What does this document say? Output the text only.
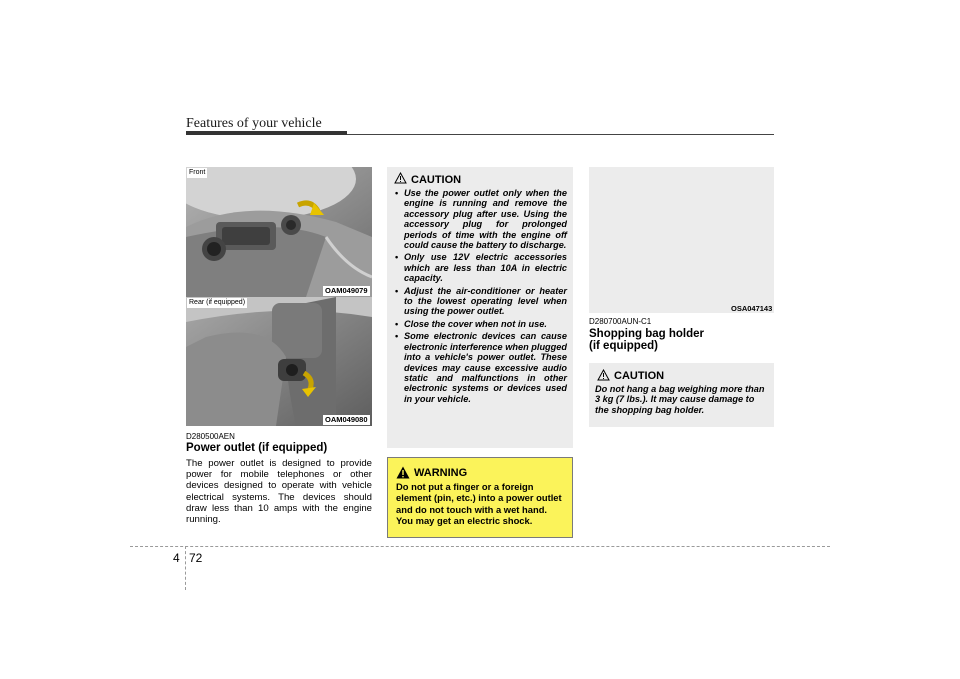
Features of your vehicle
Front
OAM049079
Rear (if equipped)
OAM049080
D280500AEN
Power outlet (if equipped)
The power outlet is designed to provide power for mobile telephones or other devices designed to operate with vehicle electrical systems. The devices should draw less than 10 amps with the engine running.
CAUTION
• Use the power outlet only when the engine is running and remove the accessory plug after use. Using the accessory plug for prolonged periods of time with the engine off could cause the battery to discharge.
• Only use 12V electric accessories which are less than 10A in electric capacity.
• Adjust the air-conditioner or heater to the lowest operating level when using the power outlet.
• Close the cover when not in use.
• Some electronic devices can cause electronic interference when plugged into a vehicle's power outlet. These devices may cause excessive audio static and malfunctions in other electronic systems or devices used in your vehicle.
WARNING
Do not put a finger or a foreign element (pin, etc.) into a power outlet and do not touch with a wet hand. You may get an electric shock.
OSA047143
D280700AUN-C1
Shopping bag holder
(if equipped)
CAUTION
Do not hang a bag weighing more than 3 kg (7 lbs.). It may cause damage to the shopping bag holder.
4 72
